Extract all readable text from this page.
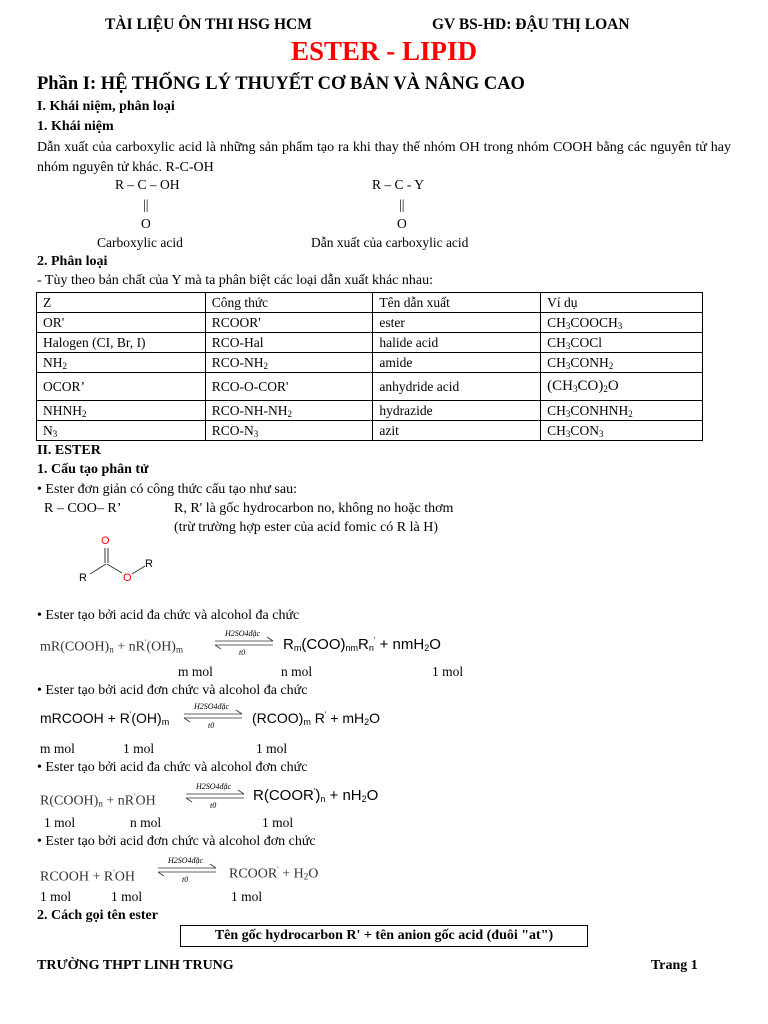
TÀI LIỆU ÔN THI HSG HCM	GV BS-HD: ĐẬU THỊ LOAN
ESTER - LIPID
Phần I: HỆ THỐNG LÝ THUYẾT CƠ BẢN VÀ NÂNG CAO
I. Khái niệm, phân loại
1. Khái niệm
Dẫn xuất của carboxylic acid là những sản phẩm tạo ra khi thay thế nhóm OH trong nhóm COOH bằng các nguyên tử hay nhóm nguyên tử khác. R-C-OH
R – C – OH
||
O
Carboxylic acid
R – C - Y
||
O
Dẫn xuất của carboxylic acid
2. Phân loại
- Tùy theo bản chất của Y mà ta phân biệt các loại dẫn xuất khác nhau:
Z	Công thức	Tên dẫn xuất	Ví dụ
OR'	RCOOR'	ester	$CH_3COOCH_3$
Halogen (CI, Br, I)	RCO-Hal	halide acid	$CH_3COCl$
$NH_2$	RCO-$NH_2$	amide	$CH_3CONH_2$
OCOR’	RCO-O-COR'	anhydride acid	$(CH_3CO)_2O$
$NHNH_2$	RCO-$NH-NH_2$	hydrazide	$CH_3CONHNH_2$
$N_3$	RCO-$N_3$	azit	$CH_3CON_3$
II. ESTER
1. Cấu tạo phân tử
• Ester đơn giản có công thức cấu tạo như sau:
R – COO– R’	R, R' là gốc hydrocarbon no, không no hoặc thơm
(trừ trường hợp ester của acid fomic có R là H)
O
O
R
R
• Ester tạo bởi acid đa chức và alcohol đa chức
$mR(COOH)_n + nR'(OH)_m$
H2SO4đặc
t0	$R_m(COO)_{nm}R_n' + nmH_2O$
m mol	n mol	1 mol
• Ester tạo bởi acid đơn chức và alcohol đa chức
mRCOOH + $R'(OH)_m$
H2SO4đặc
t0	$(RCOO)_m$ $R' + mH_2O$
m mol	1 mol	1 mol
• Ester tạo bởi acid đa chức và alcohol đơn chức
$R(COOH)_n + nR'OH$
H2SO4đặc
t0
$R(COOR')_n + nH_2O$
1 mol	n mol	1 mol
• Ester tạo bởi acid đơn chức và alcohol đơn chức
RCOOH + R'OH
H2SO4đặc
t0	RCOOR' + $H_2O$
1 mol	1 mol	1 mol
2. Cách gọi tên ester
Tên gốc hydrocarbon R' + tên anion gốc acid (đuôi "at")
TRƯỜNG THPT LINH TRUNG	Trang 1
